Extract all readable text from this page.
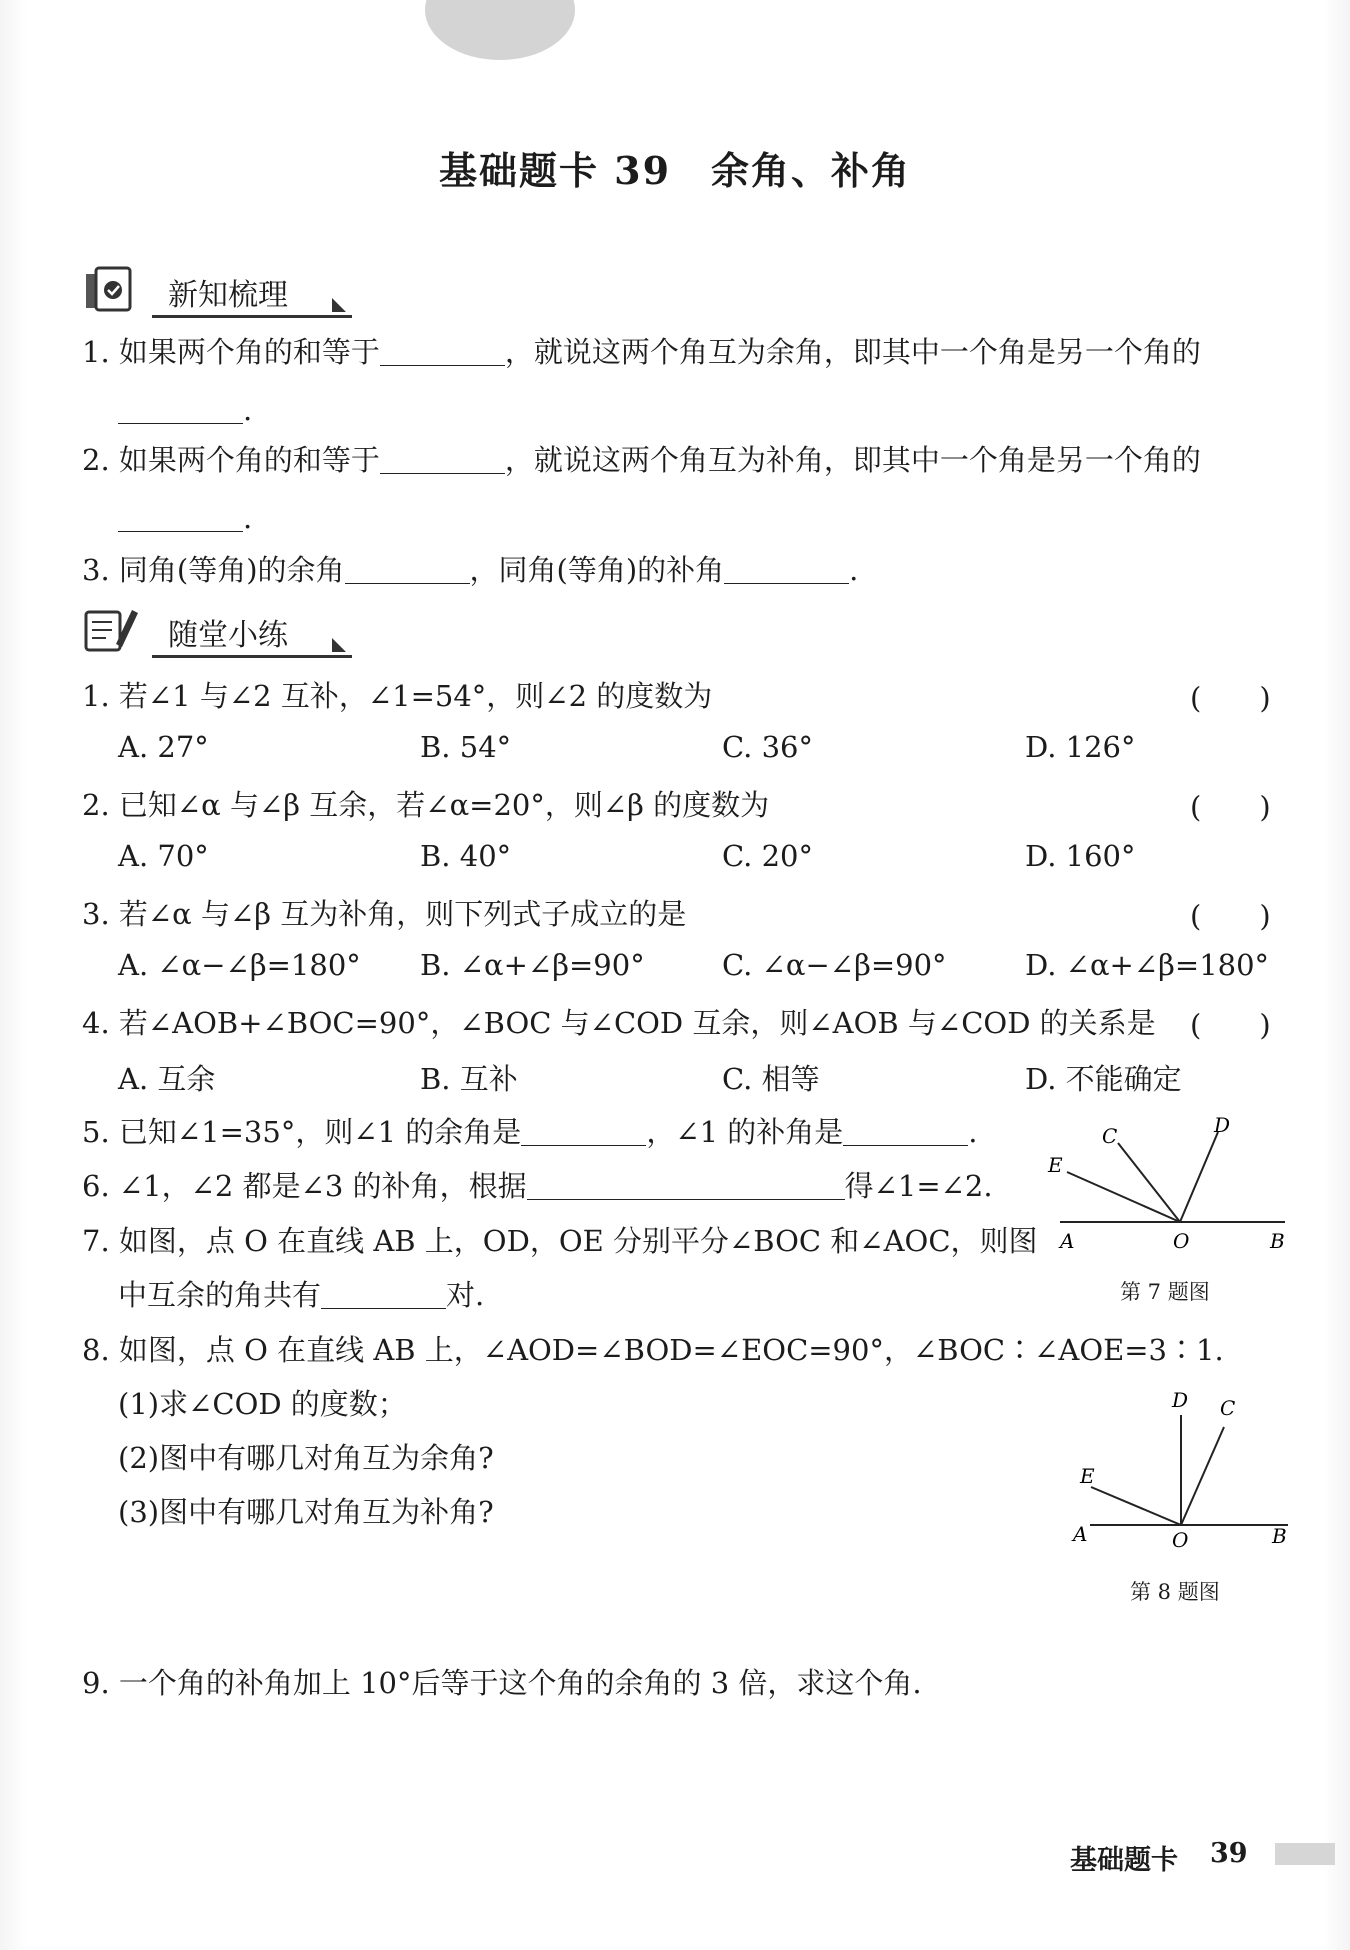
基础题卡 39　余角、补角
新知梳理
1. 如果两个角的和等于	，就说这两个角互为余角，即其中一个角是另一个角的
.
2. 如果两个角的和等于	，就说这两个角互为补角，即其中一个角是另一个角的
.
3. 同角(等角)的余角	，同角(等角)的补角	.
随堂小练
1. 若∠1 与∠2 互补，∠1=54°，则∠2 的度数为	(　　)
A. 27°	B. 54°	C. 36°	D. 126°
2. 已知∠α 与∠β 互余，若∠α=20°，则∠β 的度数为	(　　)
A. 70°	B. 40°	C. 20°	D. 160°
3. 若∠α 与∠β 互为补角，则下列式子成立的是	(　　)
A. ∠α−∠β=180° B. ∠α+∠β=90°	C. ∠α−∠β=90°	D. ∠α+∠β=180°
4. 若∠AOB+∠BOC=90°，∠BOC 与∠COD 互余，则∠AOB 与∠COD 的关系是 (　　)
A. 互余	B. 互补	C. 相等	D. 不能确定
5. 已知∠1=35°，则∠1 的余角是	，∠1 的补角是	.
6. ∠1，∠2 都是∠3 的补角，根据	得∠1=∠2.
7. 如图，点 O 在直线 AB 上，OD，OE 分别平分∠BOC 和∠AOC，则图
中互余的角共有	对.
A	O	B
C	D
E
第 7 题图
8. 如图，点 O 在直线 AB 上，∠AOD=∠BOD=∠EOC=90°，∠BOC∶∠AOE=3∶1.
(1)求∠COD 的度数；
(2)图中有哪几对角互为余角?
(3)图中有哪几对角互为补角?
A	O	B
C
D
E
第 8 题图
9. 一个角的补角加上 10°后等于这个角的余角的 3 倍，求这个角.
基础题卡 39
